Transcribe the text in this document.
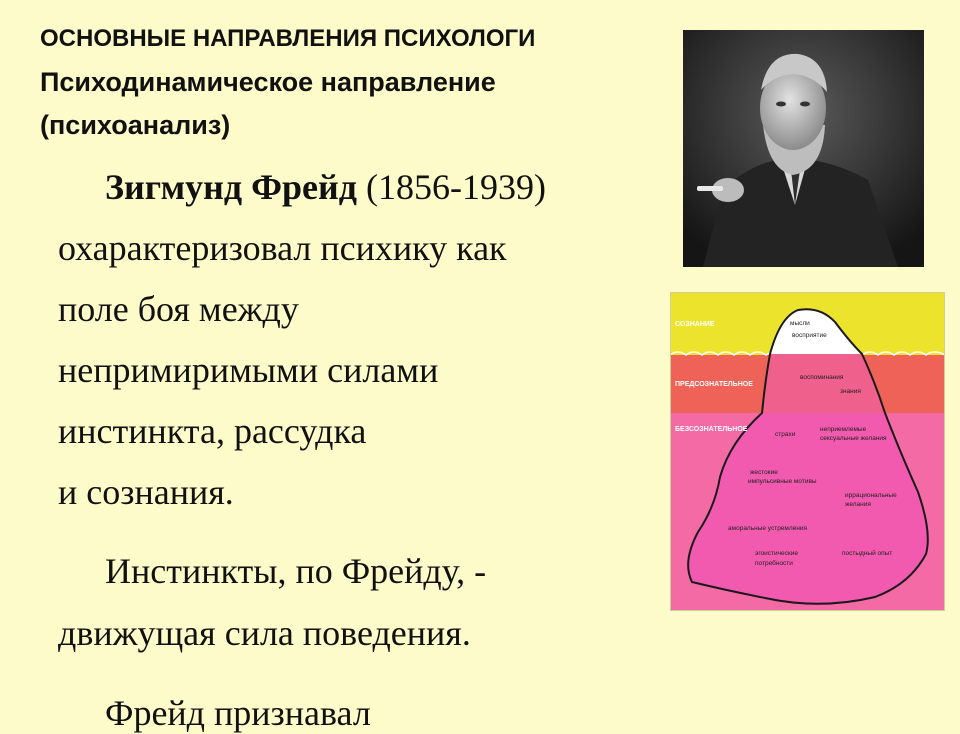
ОСНОВНЫЕ НАПРАВЛЕНИЯ ПСИХОЛОГИ
Психодинамическое направление
(психоанализ)
Зигмунд Фрейд (1856-1939)
охарактеризовал психику как
поле боя между
непримиримыми силами
инстинкта, рассудка
и сознания.
Инстинкты, по Фрейду, -
движущая сила поведения.
Фрейд признавал
СОЗНАНИЕ
ПРЕДСОЗНАТЕЛЬНОЕ
БЕЗСОЗНАТЕЛЬНОЕ
мысли
восприятие
воспоминания
знания
страхи
неприемлемые
сексуальные желания
жестокие
импульсивные мотивы
иррациональные
желания
аморальные устремления
эгоистические
потребности
постыдный опыт
